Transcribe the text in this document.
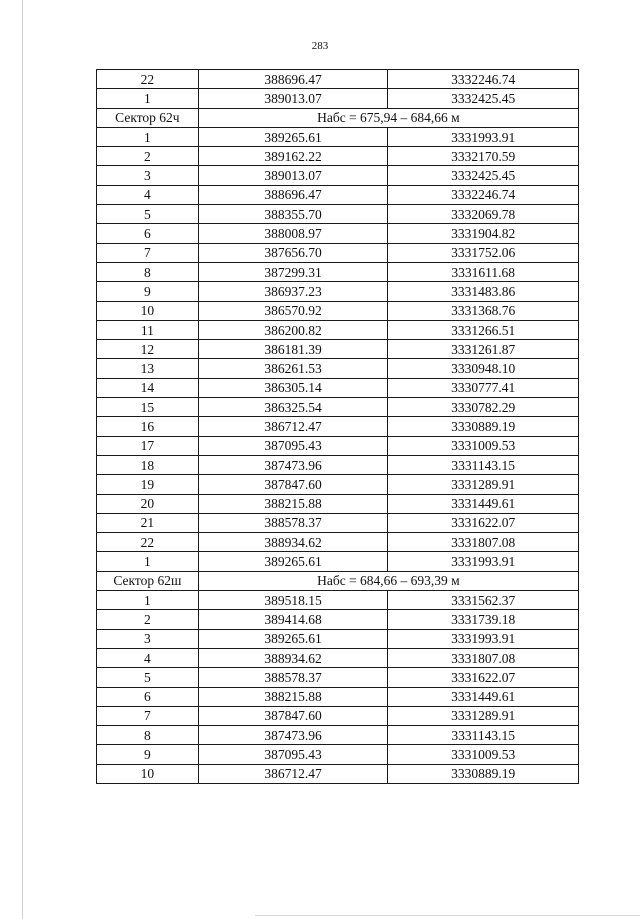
283
22	388696.47	3332246.74
1	389013.07	3332425.45
Сектор 62ч	Набс = 675,94 – 684,66 м	
1	389265.61	3331993.91
2	389162.22	3332170.59
3	389013.07	3332425.45
4	388696.47	3332246.74
5	388355.70	3332069.78
6	388008.97	3331904.82
7	387656.70	3331752.06
8	387299.31	3331611.68
9	386937.23	3331483.86
10	386570.92	3331368.76
11	386200.82	3331266.51
12	386181.39	3331261.87
13	386261.53	3330948.10
14	386305.14	3330777.41
15	386325.54	3330782.29
16	386712.47	3330889.19
17	387095.43	3331009.53
18	387473.96	3331143.15
19	387847.60	3331289.91
20	388215.88	3331449.61
21	388578.37	3331622.07
22	388934.62	3331807.08
1	389265.61	3331993.91
Сектор 62ш	Набс = 684,66 – 693,39 м	
1	389518.15	3331562.37
2	389414.68	3331739.18
3	389265.61	3331993.91
4	388934.62	3331807.08
5	388578.37	3331622.07
6	388215.88	3331449.61
7	387847.60	3331289.91
8	387473.96	3331143.15
9	387095.43	3331009.53
10	386712.47	3330889.19
